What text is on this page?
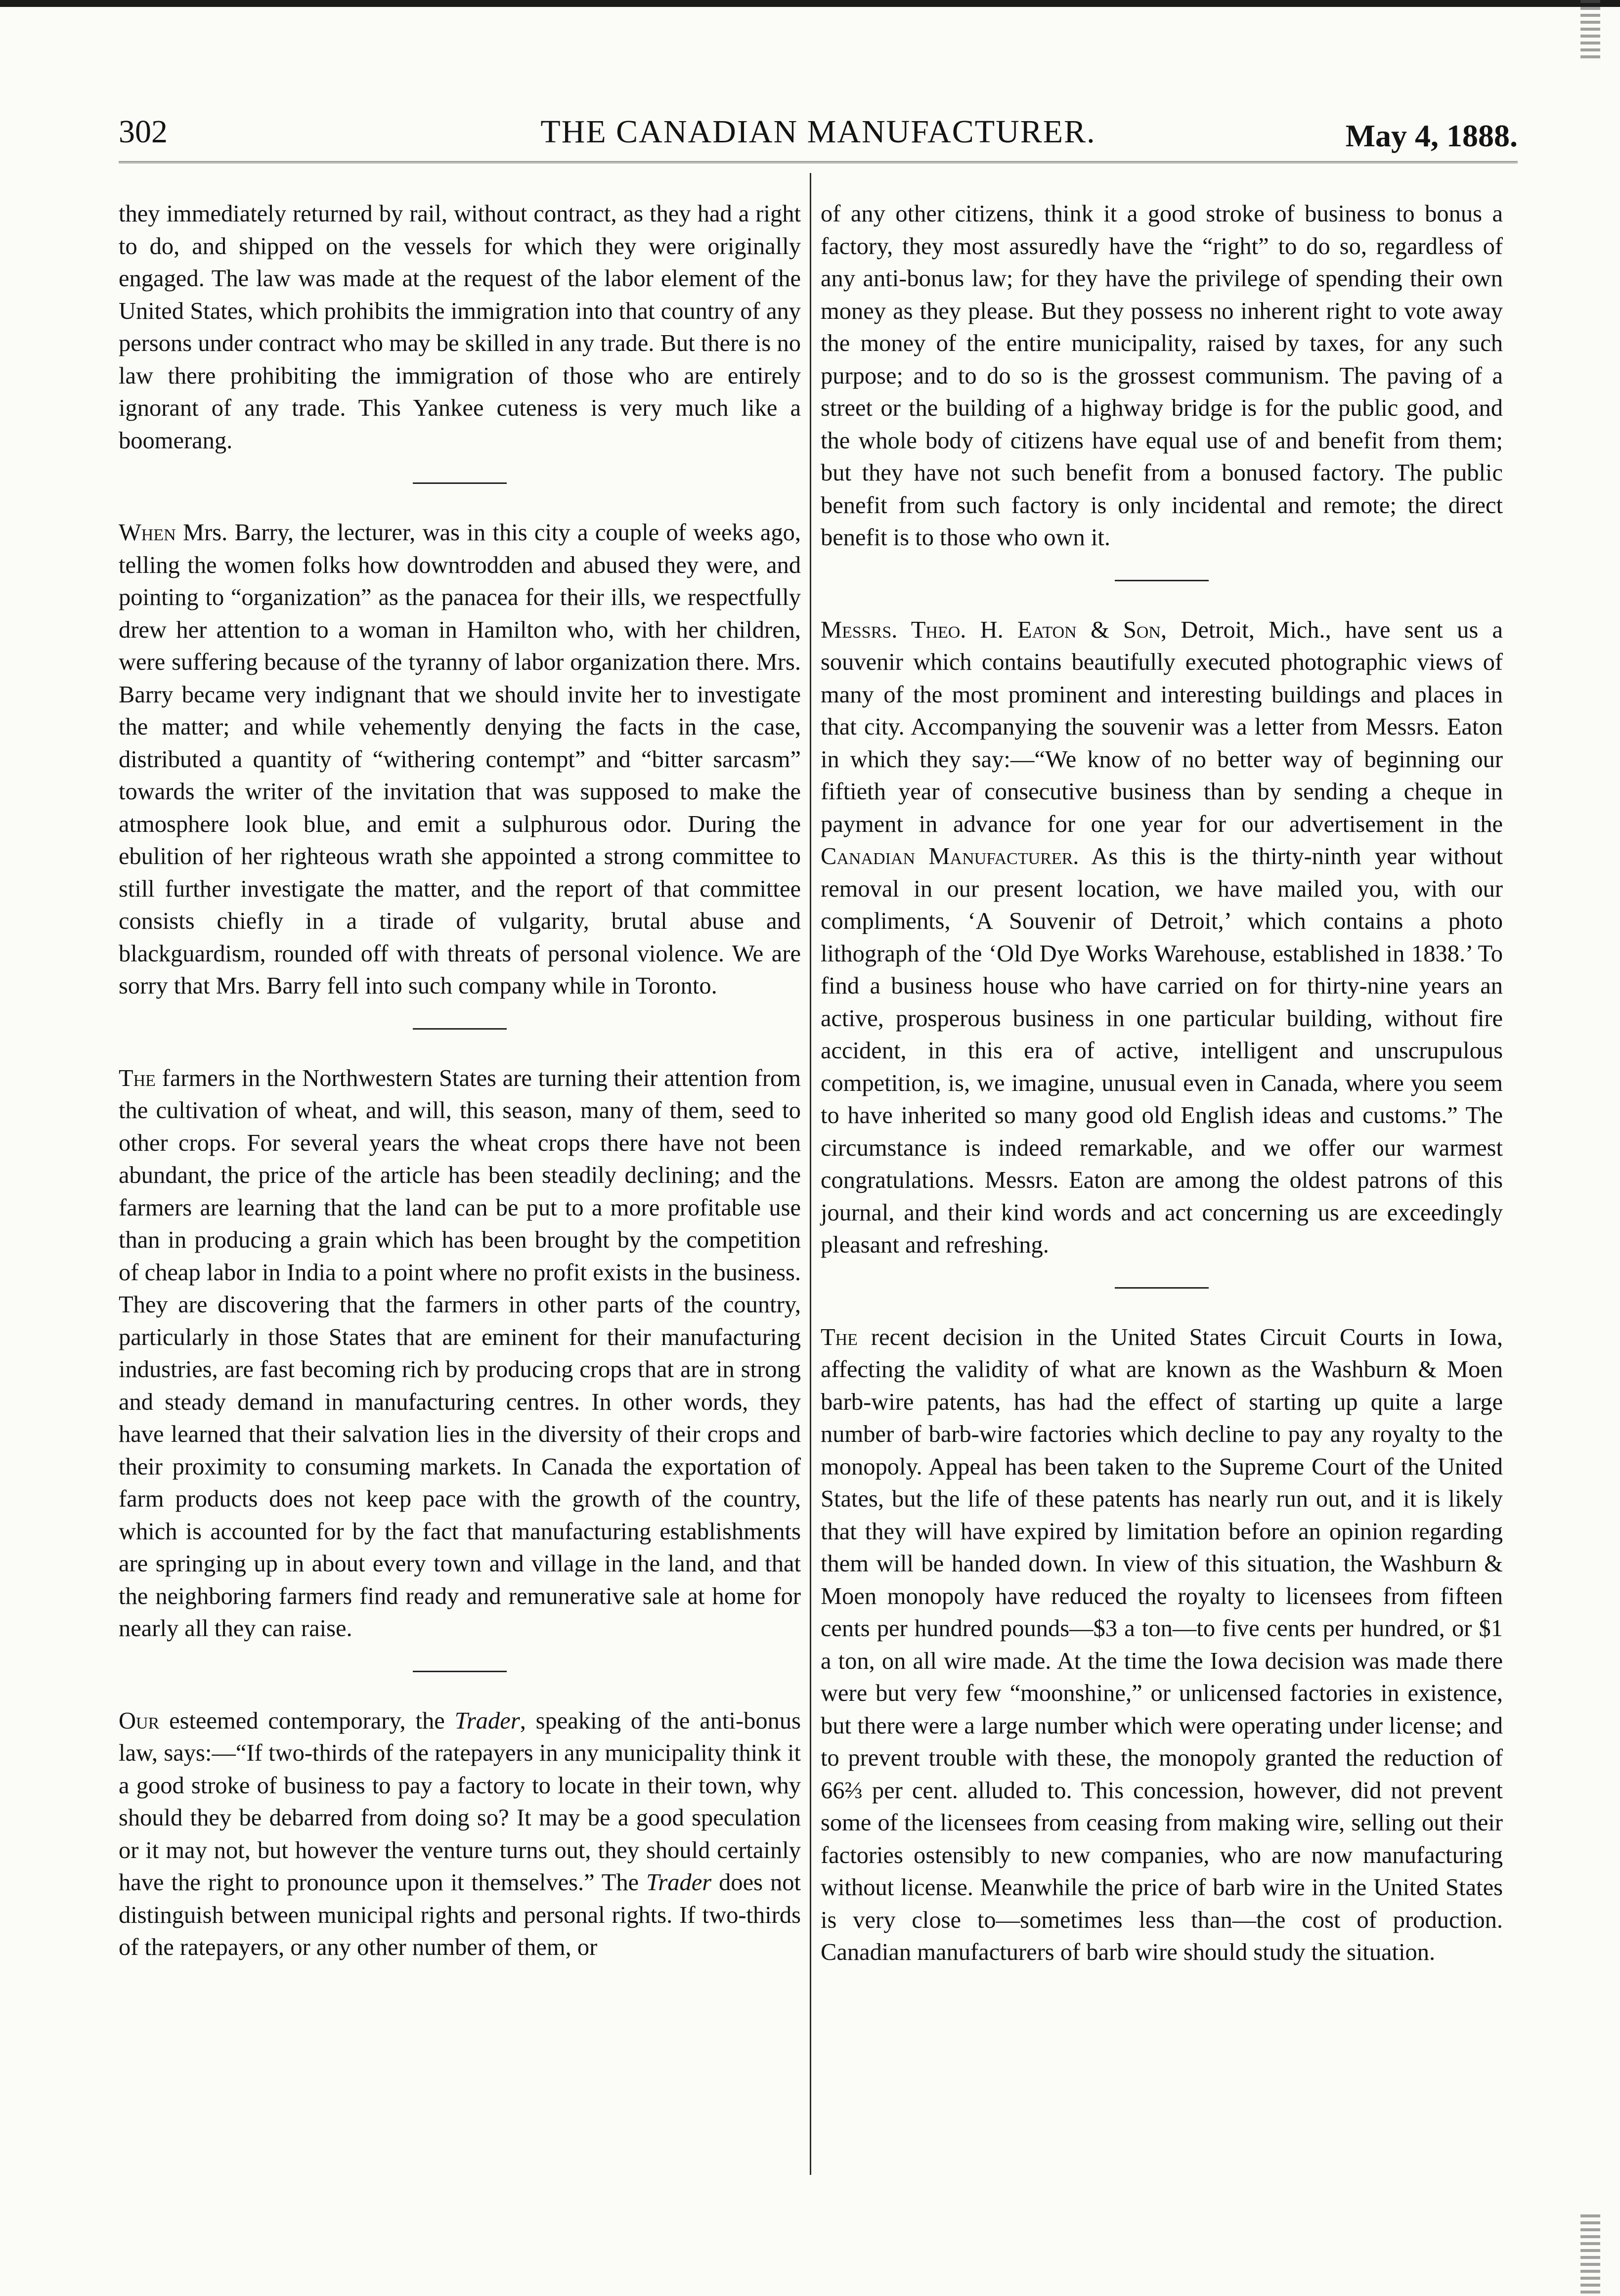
302	THE CANADIAN MANUFACTURER.	May 4, 1888.

they immediately returned by rail, without contract, as they had a right to do, and shipped on the vessels for which they were originally engaged. The law was made at the request of the labor element of the United States, which prohibits the immigration into that country of any persons under contract who may be skilled in any trade. But there is no law there prohibiting the immigration of those who are entirely ignorant of any trade. This Yankee cuteness is very much like a boomerang.

When Mrs. Barry, the lecturer, was in this city a couple of weeks ago, telling the women folks how downtrodden and abused they were, and pointing to “organization” as the panacea for their ills, we respectfully drew her attention to a woman in Hamilton who, with her children, were suffering because of the tyranny of labor organization there. Mrs. Barry became very indignant that we should invite her to investigate the matter; and while vehemently denying the facts in the case, distributed a quantity of “withering contempt” and “bitter sarcasm” towards the writer of the invitation that was supposed to make the atmosphere look blue, and emit a sulphurous odor. During the ebulition of her righteous wrath she appointed a strong committee to still further investigate the matter, and the report of that committee consists chiefly in a tirade of vulgarity, brutal abuse and blackguardism, rounded off with threats of personal violence. We are sorry that Mrs. Barry fell into such company while in Toronto.

The farmers in the Northwestern States are turning their attention from the cultivation of wheat, and will, this season, many of them, seed to other crops. For several years the wheat crops there have not been abundant, the price of the article has been steadily declining; and the farmers are learning that the land can be put to a more profitable use than in producing a grain which has been brought by the competition of cheap labor in India to a point where no profit exists in the business. They are discovering that the farmers in other parts of the country, particularly in those States that are eminent for their manufacturing industries, are fast becoming rich by producing crops that are in strong and steady demand in manufacturing centres. In other words, they have learned that their salvation lies in the diversity of their crops and their proximity to consuming markets. In Canada the exportation of farm products does not keep pace with the growth of the country, which is accounted for by the fact that manufacturing establishments are springing up in about every town and village in the land, and that the neighboring farmers find ready and remunerative sale at home for nearly all they can raise.

Our esteemed contemporary, the Trader, speaking of the anti-bonus law, says:—“If two-thirds of the ratepayers in any municipality think it a good stroke of business to pay a factory to locate in their town, why should they be debarred from doing so? It may be a good speculation or it may not, but however the venture turns out, they should certainly have the right to pronounce upon it themselves.” The Trader does not distinguish between municipal rights and personal rights. If two-thirds of the ratepayers, or any other number of them, or

of any other citizens, think it a good stroke of business to bonus a factory, they most assuredly have the “right” to do so, regardless of any anti-bonus law; for they have the privilege of spending their own money as they please. But they possess no inherent right to vote away the money of the entire municipality, raised by taxes, for any such purpose; and to do so is the grossest communism. The paving of a street or the building of a highway bridge is for the public good, and the whole body of citizens have equal use of and benefit from them; but they have not such benefit from a bonused factory. The public benefit from such factory is only incidental and remote; the direct benefit is to those who own it.

Messrs. Theo. H. Eaton & Son, Detroit, Mich., have sent us a souvenir which contains beautifully executed photographic views of many of the most prominent and interesting buildings and places in that city. Accompanying the souvenir was a letter from Messrs. Eaton in which they say:—“We know of no better way of beginning our fiftieth year of consecutive business than by sending a cheque in payment in advance for one year for our advertisement in the Canadian Manufacturer. As this is the thirty-ninth year without removal in our present location, we have mailed you, with our compliments, ‘A Souvenir of Detroit,’ which contains a photo lithograph of the ‘Old Dye Works Warehouse, established in 1838.’ To find a business house who have carried on for thirty-nine years an active, prosperous business in one particular building, without fire accident, in this era of active, intelligent and unscrupulous competition, is, we imagine, unusual even in Canada, where you seem to have inherited so many good old English ideas and customs.” The circumstance is indeed remarkable, and we offer our warmest congratulations. Messrs. Eaton are among the oldest patrons of this journal, and their kind words and act concerning us are exceedingly pleasant and refreshing.

The recent decision in the United States Circuit Courts in Iowa, affecting the validity of what are known as the Washburn & Moen barb-wire patents, has had the effect of starting up quite a large number of barb-wire factories which decline to pay any royalty to the monopoly. Appeal has been taken to the Supreme Court of the United States, but the life of these patents has nearly run out, and it is likely that they will have expired by limitation before an opinion regarding them will be handed down. In view of this situation, the Washburn & Moen monopoly have reduced the royalty to licensees from fifteen cents per hundred pounds—$3 a ton—to five cents per hundred, or $1 a ton, on all wire made. At the time the Iowa decision was made there were but very few “moonshine,” or unlicensed factories in existence, but there were a large number which were operating under license; and to prevent trouble with these, the monopoly granted the reduction of 66⅔ per cent. alluded to. This concession, however, did not prevent some of the licensees from ceasing from making wire, selling out their factories ostensibly to new companies, who are now manufacturing without license. Meanwhile the price of barb wire in the United States is very close to—sometimes less than—the cost of production. Canadian manufacturers of barb wire should study the situation.
